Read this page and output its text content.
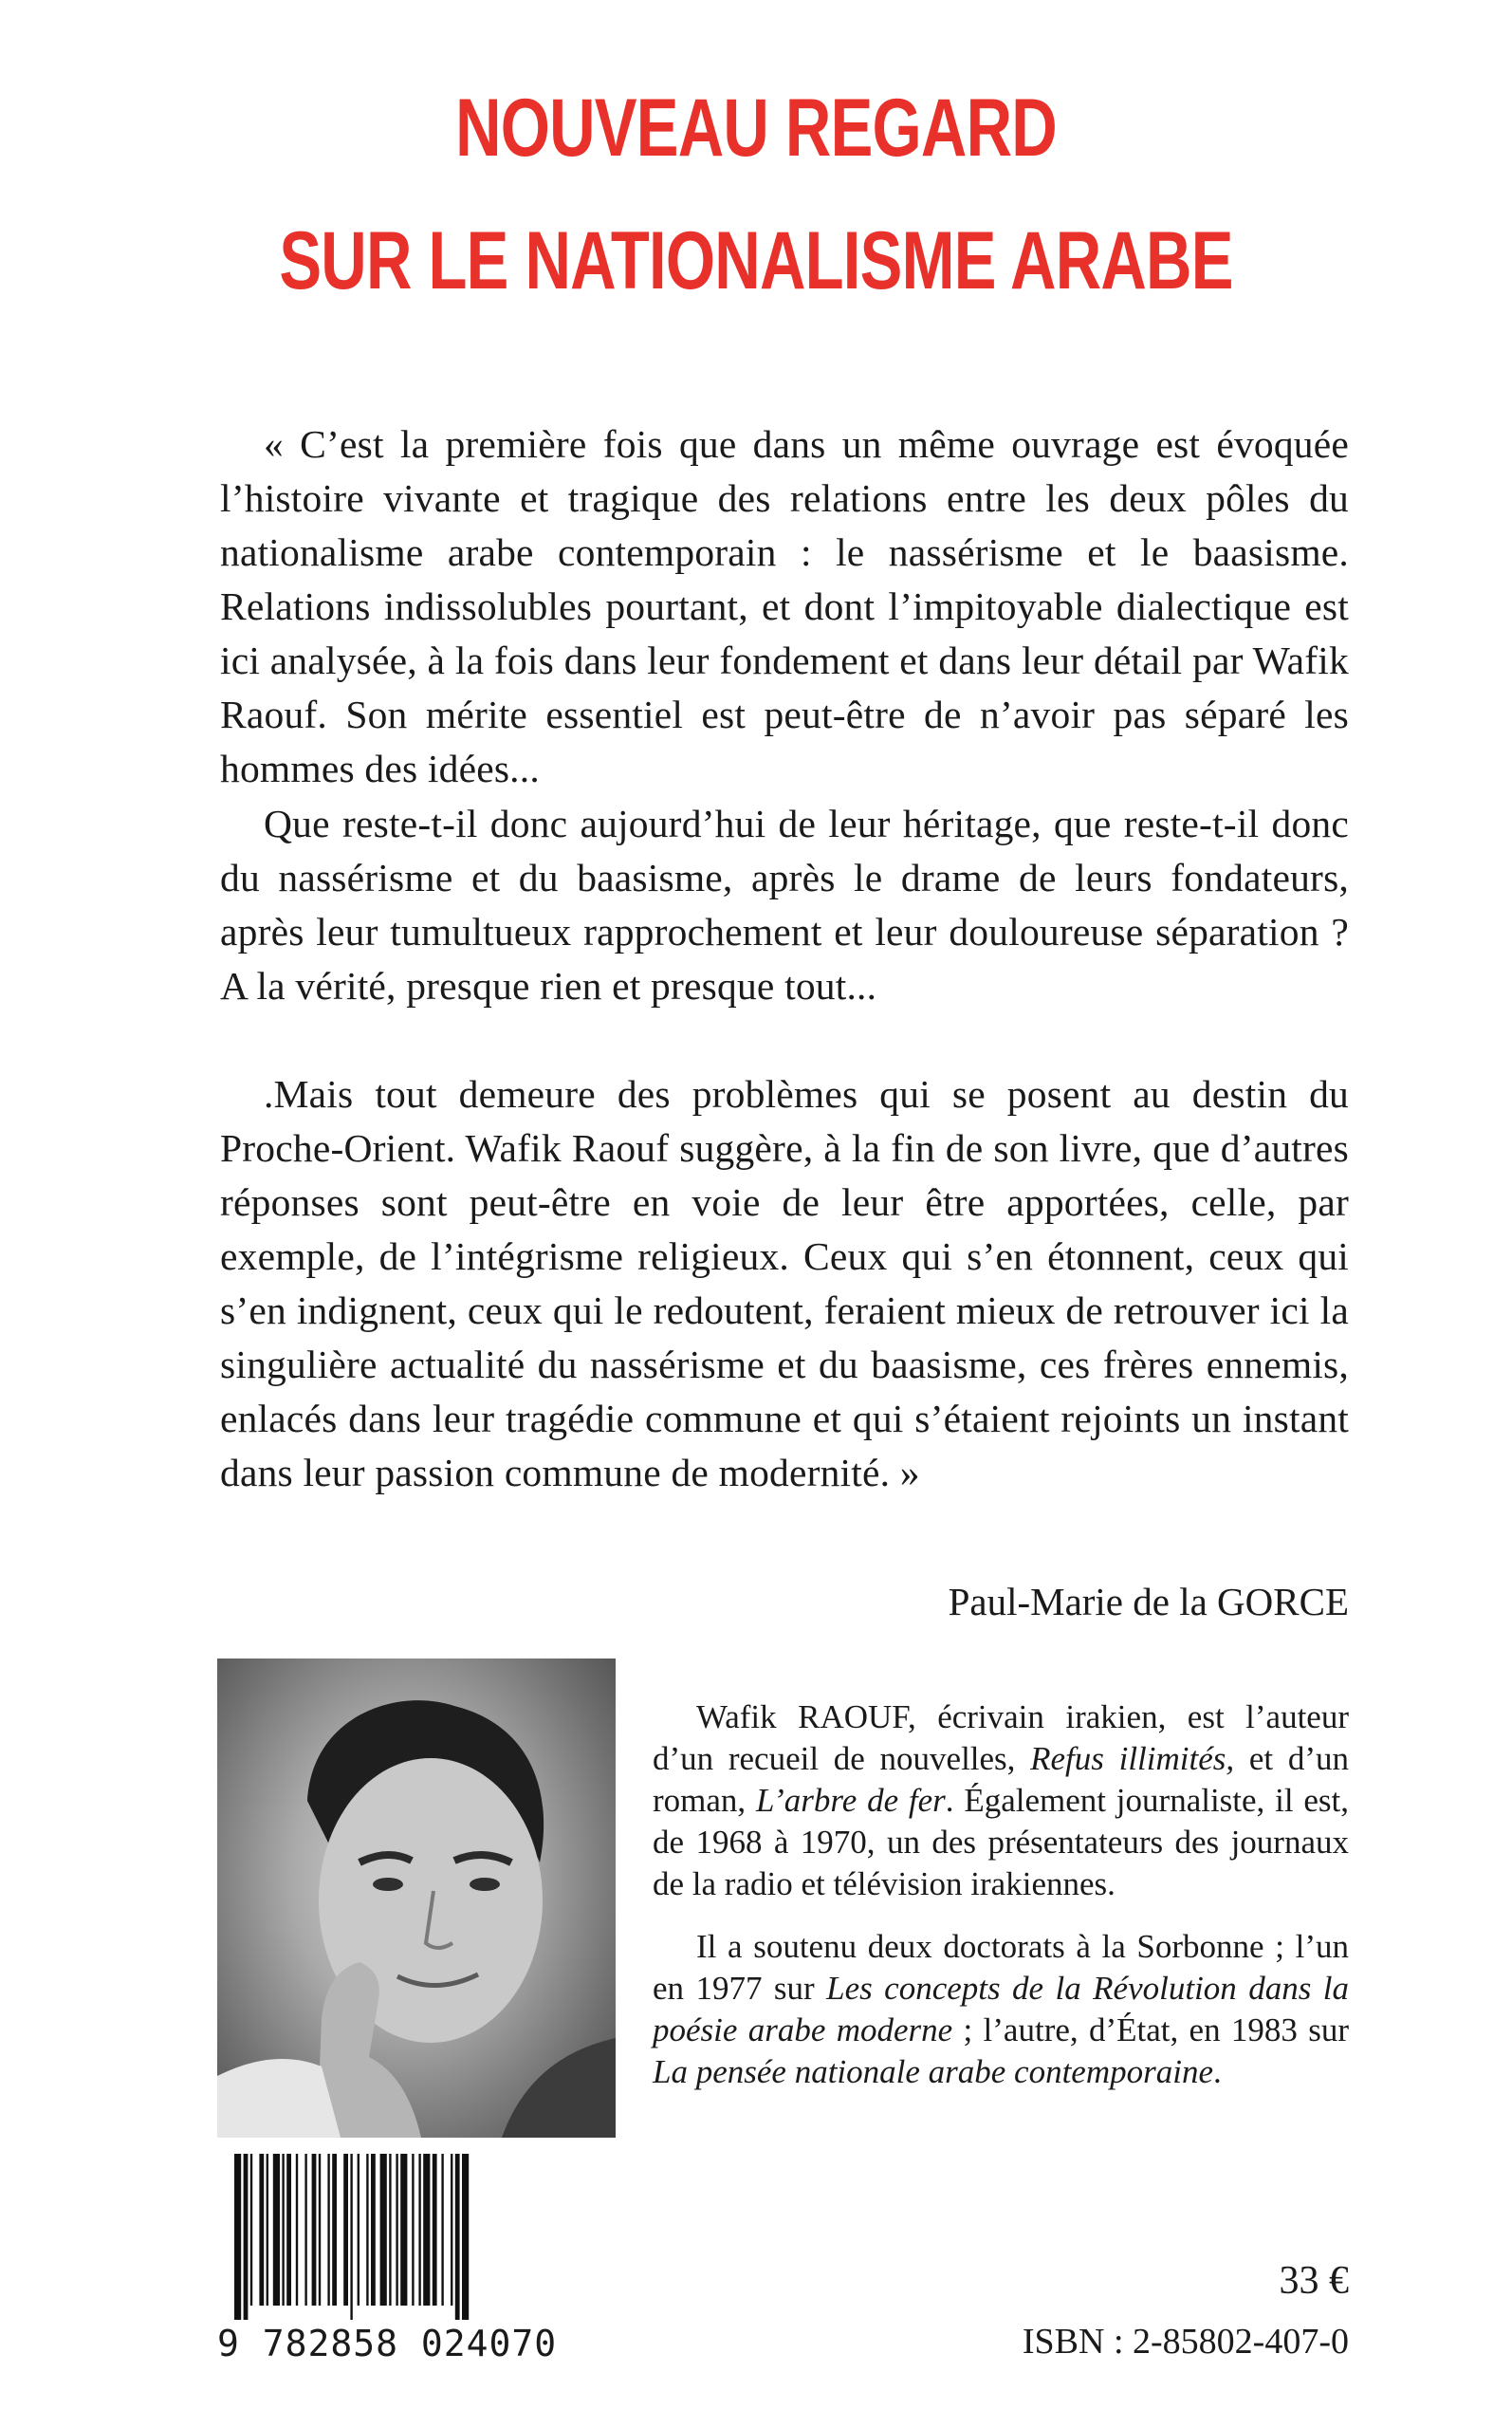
NOUVEAU REGARD
SUR LE NATIONALISME ARABE

« C’est la première fois que dans un même ouvrage est évoquée l’histoire vivante et tragique des relations entre les deux pôles du nationalisme arabe contemporain : le nassérisme et le baasisme. Relations indissolubles pourtant, et dont l’impitoyable dialectique est ici analysée, à la fois dans leur fondement et dans leur détail par Wafik Raouf. Son mérite essentiel est peut-être de n’avoir pas séparé les hommes des idées...

Que reste-t-il donc aujourd’hui de leur héritage, que reste-t-il donc du nassérisme et du baasisme, après le drame de leurs fondateurs, après leur tumultueux rapprochement et leur douloureuse séparation ? A la vérité, presque rien et presque tout...

.Mais tout demeure des problèmes qui se posent au destin du Proche-Orient. Wafik Raouf suggère, à la fin de son livre, que d’autres réponses sont peut-être en voie de leur être apportées, celle, par exemple, de l’intégrisme religieux. Ceux qui s’en étonnent, ceux qui s’en indignent, ceux qui le redoutent, feraient mieux de retrouver ici la singulière actualité du nassérisme et du baasisme, ces frères ennemis, enlacés dans leur tragédie commune et qui s’étaient rejoints un instant dans leur passion commune de modernité. »

Paul-Marie de la GORCE

Wafik RAOUF, écrivain irakien, est l’auteur d’un recueil de nouvelles, Refus illimités, et d’un roman, L’arbre de fer. Également journaliste, il est, de 1968 à 1970, un des présentateurs des journaux de la radio et télévision irakiennes.

Il a soutenu deux doctorats à la Sorbonne ; l’un en 1977 sur Les concepts de la Révolution dans la poésie arabe moderne ; l’autre, d’État, en 1983 sur La pensée nationale arabe contemporaine.

9 782858 024070
33 €
ISBN : 2-85802-407-0
